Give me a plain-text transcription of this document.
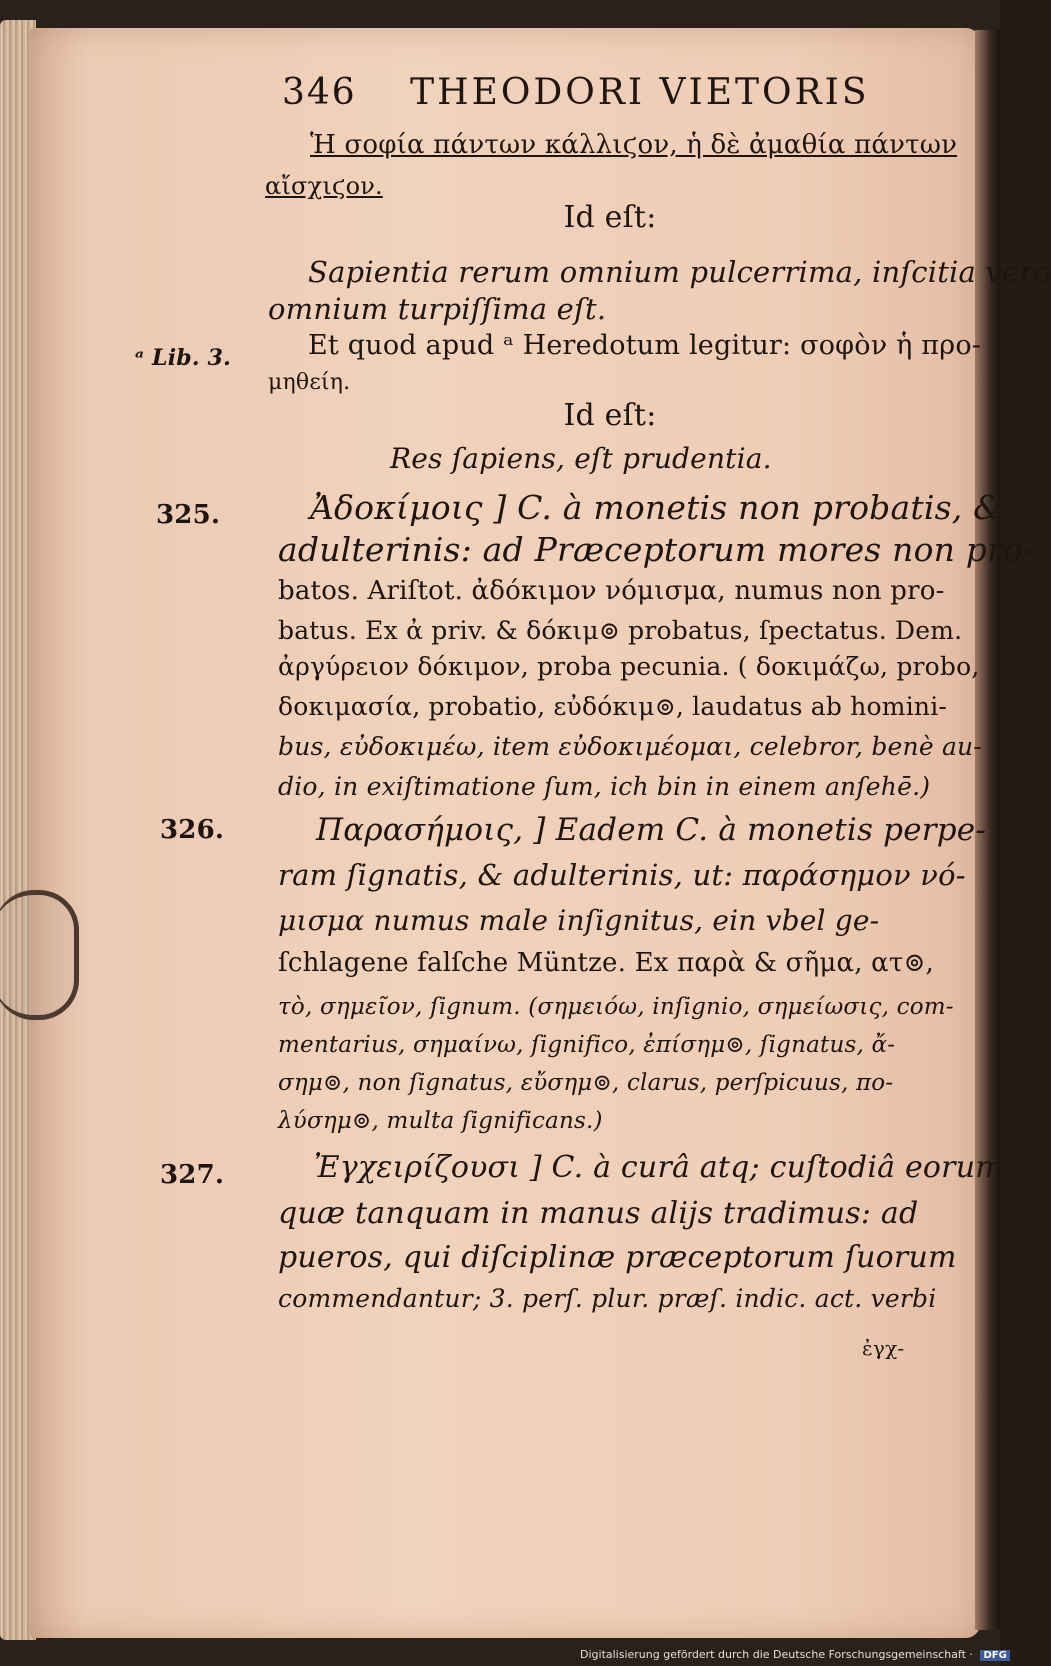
346 THEODORI VIETORIS
Ἡ σοφία πάντων κάλλιϛον, ἡ δὲ ἀμαθία πάντων
αἴσχιϛον.
Id eſt:
Sapientia rerum omnium pulcerrima, inſcitia verò
omnium turpiſſima eſt.
Et quod apud ᵃ Heredotum legitur: σοφὸν ἡ προ-
μηθείη.
Id eſt:
Res ſapiens, eſt prudentia.
Ἀδοκίμοις ] C. à monetis non probatis, &
adulterinis: ad Præceptorum mores non pro-
batos. Ariſtot. ἀδόκιμον νόμισμα, numus non pro-
batus. Ex ἀ priv. & δόκιμ⊚ probatus, ſpectatus. Dem.
ἀργύρειον δόκιμον, proba pecunia. ( δοκιμάζω, probo,
δοκιμασία, probatio, εὐδόκιμ⊚, laudatus ab homini-
bus, εὐδοκιμέω, item εὐδοκιμέομαι, celebror, benè au-
dio, in exiſtimatione ſum, ich bin in einem anſehē.)
Παρασήμοις, ] Eadem C. à monetis perpe-
ram ſignatis, & adulterinis, ut: παράσημον νό-
μισμα numus male inſignitus, ein vbel ge-
ſchlagene falſche Müntze. Ex παρὰ & σῆμα, ατ⊚,
τὸ, σημεῖον, ſignum. (σημειόω, inſignio, σημείωσις, com-
mentarius, σημαίνω, ſignifico, ἐπίσημ⊚, ſignatus, ἄ-
σημ⊚, non ſignatus, εὔσημ⊚, clarus, perſpicuus, πο-
λύσημ⊚, multa ſignificans.)
Ἐγχειρίζουσι ] C. à curâ atq; cuſtodiâ eorum,
quæ tanquam in manus alijs tradimus: ad
pueros, qui diſciplinæ præceptorum ſuorum
commendantur; 3. perſ. plur. præſ. indic. act. verbi
ἐγχ-
ᵃ Lib. 3.
325.
326.
327.
Digitalisierung gefördert durch die Deutsche Forschungsgemeinschaft · DFG
